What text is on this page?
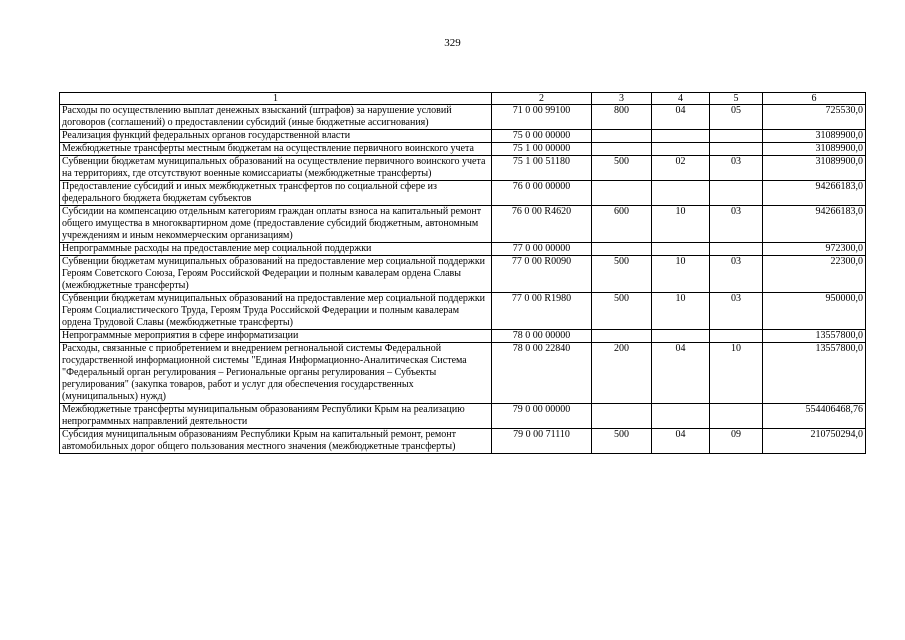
329
1	2	3	4	5	6
Расходы по осуществлению выплат денежных взысканий (штрафов) за нарушение условий договоров (соглашений) о предоставлении субсидий (иные бюджетные ассигнования)	71 0 00 99100	800	04	05	725530,0
Реализация функций федеральных органов государственной власти	75 0 00 00000				31089900,0
Межбюджетные трансферты местным бюджетам на осуществление первичного воинского учета	75 1 00 00000				31089900,0
Субвенции бюджетам муниципальных образований на осуществление первичного воинского учета на территориях, где отсутствуют военные комиссариаты (межбюджетные трансферты)	75 1 00 51180	500	02	03	31089900,0
Предоставление субсидий и иных межбюджетных трансфертов по социальной сфере из федерального бюджета бюджетам субъектов	76 0 00 00000				94266183,0
Субсидии на компенсацию отдельным категориям граждан оплаты взноса на капитальный ремонт общего имущества в многоквартирном доме (предоставление субсидий бюджетным, автономным учреждениям и иным некоммерческим организациям)	76 0 00 R4620	600	10	03	94266183,0
Непрограммные расходы на предоставление мер социальной поддержки	77 0 00 00000				972300,0
Субвенции бюджетам муниципальных образований на предоставление мер социальной поддержки Героям Советского Союза, Героям Российской Федерации и полным кавалерам ордена Славы (межбюджетные трансферты)	77 0 00 R0090	500	10	03	22300,0
Субвенции бюджетам муниципальных образований на предоставление мер социальной поддержки Героям Социалистического Труда, Героям Труда Российской Федерации и полным кавалерам ордена Трудовой Славы (межбюджетные трансферты)	77 0 00 R1980	500	10	03	950000,0
Непрограммные мероприятия в сфере информатизации	78 0 00 00000				13557800,0
Расходы, связанные с приобретением и внедрением регнональной системы Федеральной государственной информационной системы "Единая Информационно-Аналитическая Система "Федеральный орган регулирования – Региональные органы регулирования – Субъекты регулирования" (закупка товаров, работ и услуг для обеспечения государственных (муниципальных) нужд)	78 0 00 22840	200	04	10	13557800,0
Межбюджетные трансферты муниципальным образованиям Республики Крым на реализацию непрограммных направлений деятельности	79 0 00 00000				554406468,76
Субсидия муниципальным образованиям Республики Крым на капитальный ремонт, ремонт автомобильных дорог общего пользования местного значения (межбюджетные трансферты)	79 0 00 71110	500	04	09	210750294,0
